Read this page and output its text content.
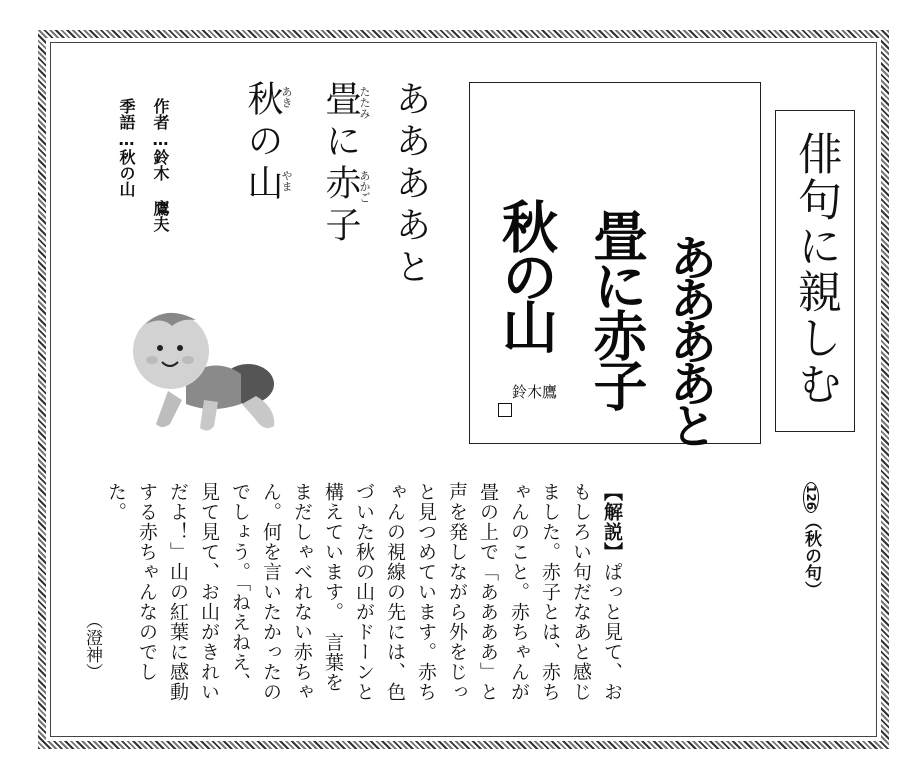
俳句に親しむ
ああああと
畳に赤子
秋の山
鈴木鷹
ああああと
畳に赤子
秋の山	たたみ
あかご
あき
やま
作者…鈴木 鷹夫
季語…秋の山
126（秋の句）
【解説】ぱっと見て、おもしろい句だなあと感じました。赤子とは、赤ちゃんのこと。赤ちゃんが畳の上で「ああああ」と声を発しながら外をじっと見つめています。赤ちゃんの視線の先には、色づいた秋の山がドーンと構えています。　言葉をまだしゃべれない赤ちゃん。何を言いたかったのでしょう。「ねえねえ、見て見て、お山がきれいだよ！」山の紅葉に感動する赤ちゃんなのでした。
（澄神）
